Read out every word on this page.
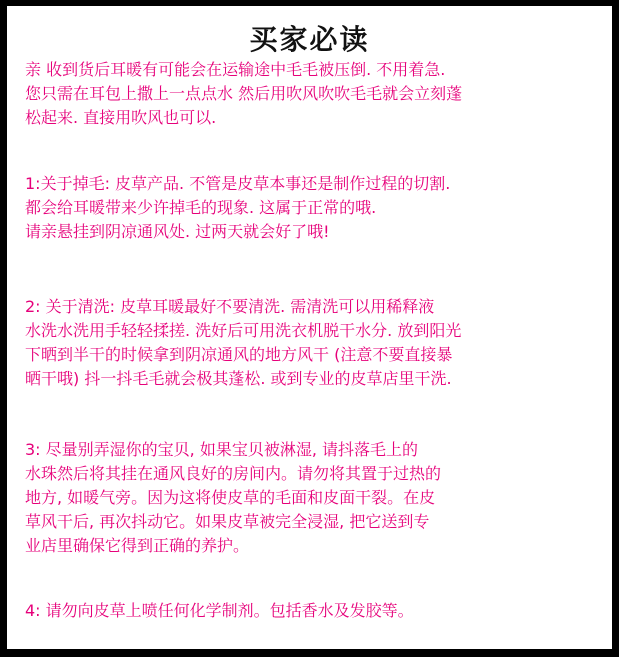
买家必读
亲 收到货后耳暖有可能会在运输途中毛毛被压倒. 不用着急.
您只需在耳包上撒上一点点水 然后用吹风吹吹毛毛就会立刻蓬
松起来. 直接用吹风也可以.
1:关于掉毛: 皮草产品. 不管是皮草本事还是制作过程的切割.
都会给耳暖带来少许掉毛的现象. 这属于正常的哦.
请亲悬挂到阴凉通风处. 过两天就会好了哦!
2: 关于清洗: 皮草耳暖最好不要清洗. 需清洗可以用稀释液
水洗水洗用手轻轻揉搓. 洗好后可用洗衣机脱干水分. 放到阳光
下晒到半干的时候拿到阴凉通风的地方风干 (注意不要直接暴
晒干哦) 抖一抖毛毛就会极其蓬松. 或到专业的皮草店里干洗.
3: 尽量别弄湿你的宝贝, 如果宝贝被淋湿, 请抖落毛上的
水珠然后将其挂在通风良好的房间内。请勿将其置于过热的
地方, 如暖气旁。因为这将使皮草的毛面和皮面干裂。在皮
草风干后, 再次抖动它。如果皮草被完全浸湿, 把它送到专
业店里确保它得到正确的养护。
4: 请勿向皮草上喷任何化学制剂。包括香水及发胶等。
